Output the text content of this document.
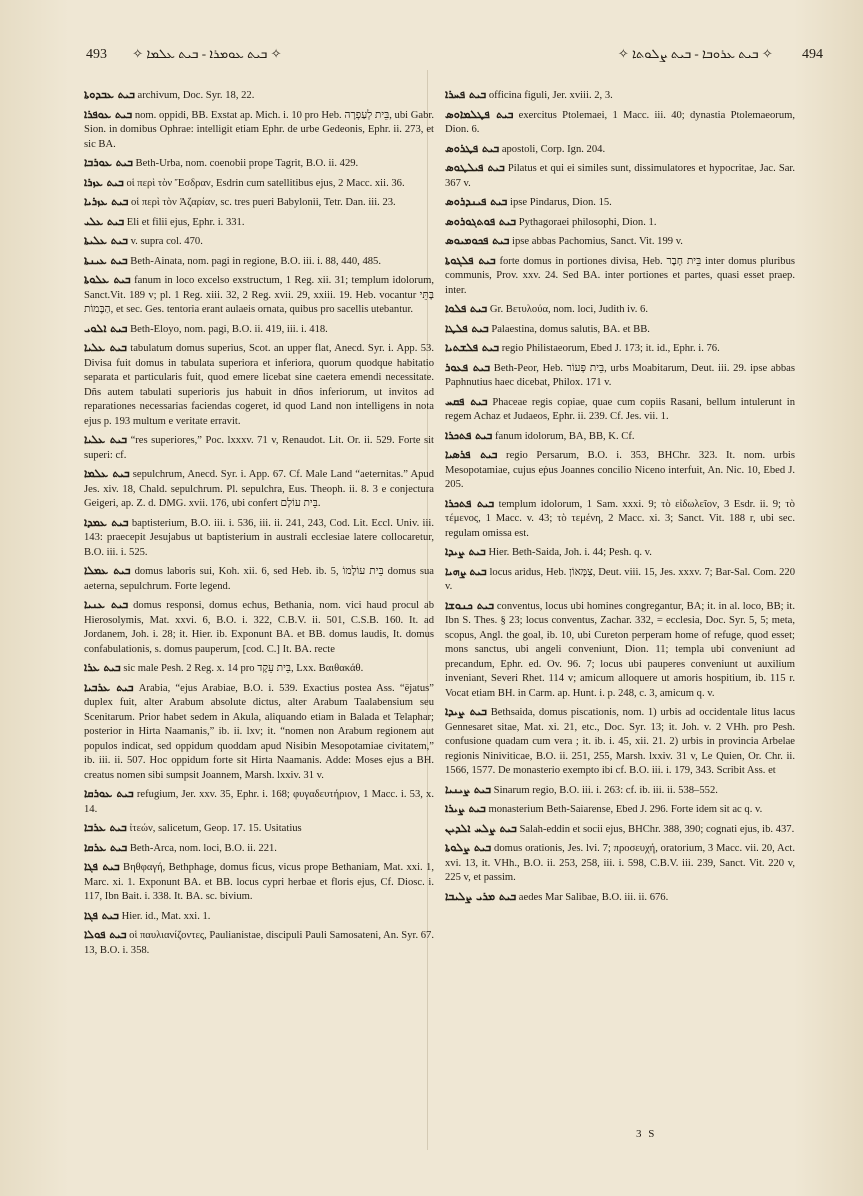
493 ✧ ܒܝܬ ܥܘܡܪܐ - ܒܝܬ ܥܠܡܐ ✧	✧ ܒܝܬ ܥܪܘܒܐ - ܒܝܬ ܨܠܘܬܐ ✧ 494

ܒܝܬ ܥܒܕܘܬܐ archivum, Doc. Syr. 18, 22.

ܒܝܬ ܥܘܦܪܐ nom. oppidi, BB. Exstat ap. Mich. i. 10 pro Heb. בֵּית לְעַפְרָה, ubi Gabr. Sion. in domibus Ophrae: intelligit etiam Ephr. de urbe Gedeonis, Ephr. ii. 273, et sic BA.

ܒܝܬ ܥܘܪܒܐ Beth-Urba, nom. coenobii prope Tagrit, B.O. ii. 429.

ܒܝܬ ܥܙܪܐ οἱ περὶ τὸν Ἔσδραν, Esdrin cum satellitibus ejus, 2 Macc. xii. 36.

ܒܝܬ ܥܙܪܝܐ οἱ περὶ τὸν Ἀζαρίαν, sc. tres pueri Babylonii, Tetr. Dan. iii. 23.

ܒܝܬ ܥܠܝ Eli et filii ejus, Ephr. i. 331.

ܒܝܬ ܥܠܝܬܐ v. supra col. 470.

ܒܝܬ ܥܝܢܬܐ Beth-Ainata, nom. pagi in regione, B.O. iii. i. 88, 440, 485.

ܒܝܬ ܥܠܘܬܐ fanum in loco excelso exstructum, 1 Reg. xii. 31; templum idolorum, Sanct.Vit. 189 v; pl. 1 Reg. xiii. 32, 2 Reg. xvii. 29, xxiii. 19. Heb. vocantur בָּתֵּי הַבָּמוֹת, et sec. Ges. tentoria erant aulaeis ornata, quibus pro sacellis utebantur.

ܒܝܬ ܐܠܘܝ Beth-Eloyo, nom. pagi, B.O. ii. 419, iii. i. 418.

ܒܝܬ ܥܠܝܐ tabulatum domus superius, Scot. an upper flat, Anecd. Syr. i. App. 53. Divisa fuit domus in tabulata superiora et inferiora, quorum quodque habitatio separata et particularis fuit, quod emere licebat sine caetera emendi necessitate. Dñs autem tabulati superioris jus habuit in dños inferiorum, ut invitos ad reparationes necessarias faciendas cogeret, id quod Land non intelligens in nota ejus p. 193 multum e veritate erravit.

ܒܝܬ ܥܠܝܐ “res superiores,” Poc. lxxxv. 71 v, Renaudot. Lit. Or. ii. 529. Forte sit superi: cf.

ܒܝܬ ܥܠܡܐ sepulchrum, Anecd. Syr. i. App. 67. Cf. Male Land “aeternitas.” Apud Jes. xiv. 18, Chald. sepulchrum. Pl. sepulchra, Eus. Theoph. ii. 8. 3 e conjectura Geigeri, ap. Z. d. DMG. xvii. 176, ubi confert בֵּית עוֹלָם.

ܒܝܬ ܥܡܕܐ baptisterium, B.O. iii. i. 536, iii. ii. 241, 243, Cod. Lit. Eccl. Univ. iii. 143: praecepit Jesujabus ut baptisterium in australi ecclesiae latere collocaretur, B.O. iii. i. 525.

ܒܝܬ ܥܡܠܐ domus laboris sui, Koh. xii. 6, sed Heb. ib. 5, בֵּית עוֹלָמוֹ domus sua aeterna, sepulchrum. Forte legend.

ܒܝܬ ܥܢܝܐ domus responsi, domus echus, Bethania, nom. vici haud procul ab Hierosolymis, Mat. xxvi. 6, B.O. i. 322, C.B.V. ii. 501, C.S.B. 160. It. ad Jordanem, Joh. i. 28; it. Hier. ib. Exponunt BA. et BB. domus laudis, It. domus confabulationis, s. domus pauperum, [cod. C.] It. BA. recte

ܒܝܬ ܥܪܐ sic male Pesh. 2 Reg. x. 14 pro בֵּית עֵקֶד, Lxx. Βαιθακάθ.

ܒܝܬ ܥܪܒܝܐ Arabia, “ejus Arabiae, B.O. i. 539. Exactius postea Ass. “ëjatus” duplex fuit, alter Arabum absolute dictus, alter Arabum Taalabensium seu Scenitarum. Prior habet sedem in Akula, aliquando etiam in Balada et Telaphar; posterior in Hirta Naamanis,” ib. ii. lxv; it. “nomen non Arabum regionem aut populos indicat, sed oppidum quoddam apud Nisibin Mesopotamiae civitatem,” ib. iii. ii. 507. Hoc oppidum forte sit Hirta Naamanis. Adde: Moses ejus a BH. creatus nomen sibi sumpsit Joannem, Marsh. lxxiv. 31 v.

ܒܝܬ ܥܘܪܩܐ refugium, Jer. xxv. 35, Ephr. i. 168; φυγαδευτήριον, 1 Macc. i. 53, x. 14.

ܒܝܬ ܥܪܒܐ ἰτεών, salicetum, Geop. 17. 15. Usitatius

ܒܝܬ ܥܪܩܐ Beth-Arca, nom. loci, B.O. ii. 221.

ܒܝܬ ܦܓܐ Βηθφαγή, Bethphage, domus ficus, vicus prope Bethaniam, Mat. xxi. 1, Marc. xi. 1. Exponunt BA. et BB. locus cypri herbae et floris ejus, Cf. Diosc. i. 117, Ibn Bait. i. 338. It. BA. sc. bivium.

ܒܝܬ ܦܓܐ Hier. id., Mat. xxi. 1.

ܒܝܬ ܦܘܠܐ οἱ παυλιανίζοντες, Paulianistae, discipuli Pauli Samosateni, An. Syr. 67. 13, B.O. i. 358.

ܒܝܬ ܦܚܪܐ officina figuli, Jer. xviii. 2, 3.

ܒܝܬ ܦܛܠܡܐܘܣ exercitus Ptolemaei, 1 Macc. iii. 40; dynastia Ptolemaeorum, Dion. 6.

ܒܝܬ ܦܛܪܘܣ apostoli, Corp. Ign. 204.

ܒܝܬ ܦܝܠܛܘܣ Pilatus et qui ei similes sunt, dissimulatores et hypocritae, Jac. Sar. 367 v.

ܒܝܬ ܦܝܢܕܪܘܣ ipse Pindarus, Dion. 15.

ܒܝܬ ܦܘܬܓܘܪܘܣ Pythagoraei philosophi, Dion. 1.

ܒܝܬ ܦܟܘܡܝܘܣ ipse abbas Pachomius, Sanct. Vit. 199 v.

ܒܝܬ ܦܠܓܘܬܐ forte domus in portiones divisa, Heb. בֵּית חָבֶר inter domus pluribus communis, Prov. xxv. 24. Sed BA. inter portiones et partes, quasi esset praep. inter.

ܒܝܬ ܦܠܘܐ Gr. Βετυλούα, nom. loci, Judith iv. 6.

ܒܝܬ ܦܠܛܐ Palaestina, domus salutis, BA. et BB.

ܒܝܬ ܦܠܫܬܝܐ regio Philistaeorum, Ebed J. 173; it. id., Ephr. i. 76.

ܒܝܬ ܦܥܘܪ Beth-Peor, Heb. בֵּית פְּעוֹר, urbs Moabitarum, Deut. iii. 29. ipse abbas Paphnutius haec dicebat, Philox. 171 v.

ܒܝܬ ܦܩܚ Phaceae regis copiae, quae cum copiis Rasani, bellum intulerunt in regem Achaz et Judaeos, Ephr. ii. 239. Cf. Jes. vii. 1.

ܒܝܬ ܦܬܟܪܐ fanum idolorum, BA, BB, K. Cf.

ܒܝܬ ܦܪܣܝܐ regio Persarum, B.O. i. 353, BHChr. 323. It. nom. urbis Mesopotamiae, cujus eṗus Joannes concilio Niceno interfuit, An. Nic. 10, Ebed J. 205.

ܒܝܬ ܦܬܟܪܐ templum idolorum, 1 Sam. xxxi. 9; τὸ εἰδωλεῖον, 3 Esdr. ii. 9; τὸ τέμενος, 1 Macc. v. 43; τὸ τεμένη, 2 Macc. xi. 3; Sanct. Vit. 188 r, ubi sec. regulam omissa est.

ܒܝܬ ܨܝܕܐ Hier. Beth-Saida, Joh. i. 44; Pesh. q. v.

ܒܝܬ ܨܗܝܐ locus aridus, Heb. צִמָּאוֹן, Deut. viii. 15, Jes. xxxv. 7; Bar-Sal. Com. 220 v.

ܒܝܬ ܟܢܘܫܐ conventus, locus ubi homines congregantur, BA; it. in al. loco, BB; it. Ibn S. Thes. § 23; locus conventus, Zachar. 332, = ecclesia, Doc. Syr. 5, 5; meta, scopus, Angl. the goal, ib. 10, ubi Cureton perperam home of refuge, quod esset; mons sanctus, ubi angeli conveniunt, Dion. 11; templa ubi conveniunt ad precandum, Ephr. ed. Ov. 96. 7; locus ubi pauperes conveniunt ut auxilium inveniant, Severi Rhet. 114 v; amicum alloquere ut amoris hospitium, ib. 115 r. Vocat etiam BH. in Carm. ap. Hunt. i. p. 248, c. 3, amicum q. v.

ܒܝܬ ܨܝܕܐ Bethsaida, domus piscationis, nom. 1) urbis ad occidentale litus lacus Gennesaret sitae, Mat. xi. 21, etc., Doc. Syr. 13; it. Joh. v. 2 VHh. pro Pesh. confusione quadam cum vera ; it. ib. i. 45, xii. 21. 2) urbis in provincia Arbelae regionis Niniviticae, B.O. ii. 251, 255, Marsh. lxxiv. 31 v, Le Quien, Or. Chr. ii. 1566, 1577. De monasterio exempto ibi cf. B.O. iii. i. 179, 343. Scribit Ass. et

ܒܝܬ ܨܝܢܝܐ Sinarum regio, B.O. iii. i. 263: cf. ib. iii. ii. 538–552.

ܒܝܬ ܨܝܪܐ monasterium Beth-Saiarense, Ebed J. 296. Forte idem sit ac q. v.

ܒܝܬ ܨܠܚ ܐܠܕܝܢ Salah-eddin et socii ejus, BHChr. 388, 390; cognati ejus, ib. 437.

ܒܝܬ ܨܠܘܬܐ domus orationis, Jes. lvi. 7; προσευχή, oratorium, 3 Macc. vii. 20, Act. xvi. 13, it. VHh., B.O. ii. 253, 258, iii. i. 598, C.B.V. iii. 239, Sanct. Vit. 220 v, 225 v, et passim.

ܒܝܬ ܡܪܝ ܨܠܝܒܐ aedes Mar Salibae, B.O. iii. ii. 676.

3 S
